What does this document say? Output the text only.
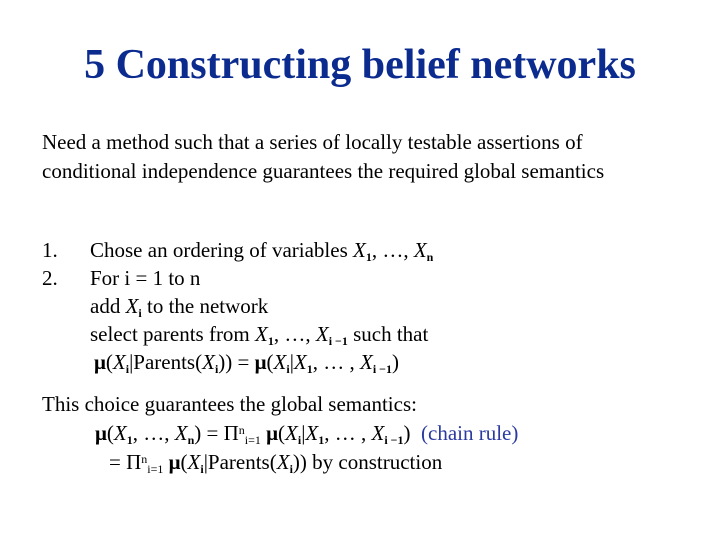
5 Constructing belief networks

Need a method such that a series of locally testable assertions of conditional independence guarantees the required global semantics

1.	Chose an ordering of variables $X_1$, …, $X_n$
2.	For i = 1 to n
add $X_i$ to the network
select parents from $X_1$, …, $X_{i -1}$ such that
$\mu(X_i|Parents(X_i)) = \mu(X_i|X_1$, … , $X_{i -1}$)
This choice guarantees the global semantics:
$\mu(X_1$, …, $X_n) = \Pi^n_{i=1}$ $\mu(X_i|X_1$, … , $X_{i -1}$)  (chain rule)
= $\Pi^n_{i=1}$ $\mu(X_i|Parents(X_i))$ by construction
